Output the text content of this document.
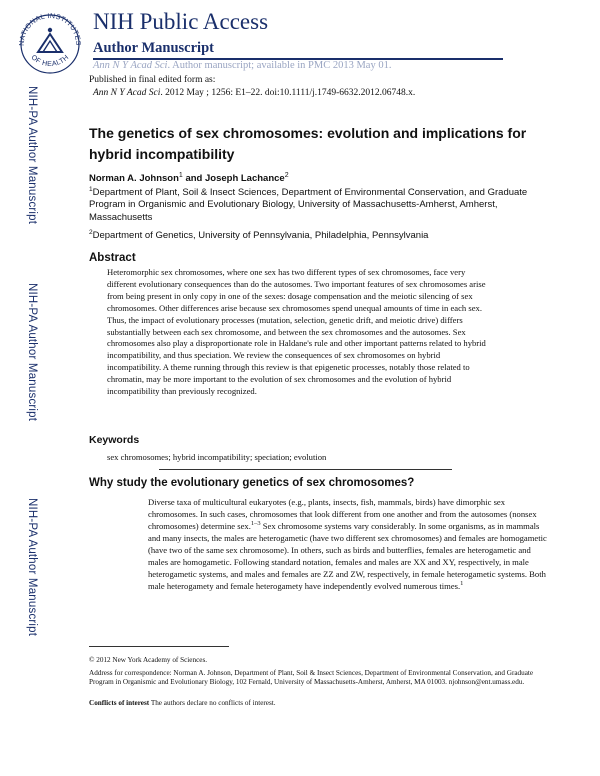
NATIONAL INSTITUTES
OF HEALTH
NIH Public Access
Author Manuscript
Ann N Y Acad Sci. Author manuscript; available in PMC 2013 May 01.
Published in final edited form as:
Ann N Y Acad Sci. 2012 May ; 1256: E1–22. doi:10.1111/j.1749-6632.2012.06748.x.
NIH-PA Author Manuscript
NIH-PA Author Manuscript
NIH-PA Author Manuscript
The genetics of sex chromosomes: evolution and implications for hybrid incompatibility
Norman A. Johnson$^1$ and Joseph Lachance$^2$
$^1$Department of Plant, Soil & Insect Sciences, Department of Environmental Conservation, and Graduate Program in Organismic and Evolutionary Biology, University of Massachusetts-Amherst, Amherst, Massachusetts
$^2$Department of Genetics, University of Pennsylvania, Philadelphia, Pennsylvania
Abstract
Heteromorphic sex chromosomes, where one sex has two different types of sex chromosomes, face very different evolutionary consequences than do the autosomes. Two important features of sex chromosomes arise from being present in only copy in one of the sexes: dosage compensation and the meiotic silencing of sex chromosomes. Other differences arise because sex chromosomes spend unequal amounts of time in each sex. Thus, the impact of evolutionary processes (mutation, selection, genetic drift, and meiotic drive) differs substantially between each sex chromosome, and between the sex chromosomes and the autosomes. Sex chromosomes also play a disproportionate role in Haldane's rule and other important patterns related to hybrid incompatibility, and thus speciation. We review the consequences of sex chromosomes on hybrid incompatibility. A theme running through this review is that epigenetic processes, notably those related to chromatin, may be more important to the evolution of sex chromosomes and the evolution of hybrid incompatibility than previously recognized.
Keywords
sex chromosomes; hybrid incompatibility; speciation; evolution
Why study the evolutionary genetics of sex chromosomes?
Diverse taxa of multicultural eukaryotes (e.g., plants, insects, fish, mammals, birds) have dimorphic sex chromosomes. In such cases, chromosomes that look different from one another and from the autosomes (nonsex chromosomes) determine sex.$^{1-3}$ Sex chromosome systems vary considerably. In some organisms, as in mammals and many insects, the males are heterogametic (have two different sex chromosomes) and females are homogametic (have two of the same sex chromosome). In others, such as birds and butterflies, females are heterogametic and males are homogametic. Following standard notation, females and males are XX and XY, respectively, in male heterogametic systems, and males and females are ZZ and ZW, respectively, in female heterogametic systems. Both male heterogamety and female heterogamety have independently evolved numerous times.$^1$
© 2012 New York Academy of Sciences.
Address for correspondence: Norman A. Johnson, Department of Plant, Soil & Insect Sciences, Department of Environmental Conservation, and Graduate Program in Organismic and Evolutionary Biology, 102 Fernald, University of Massachusetts-Amherst, Amherst, MA 01003. njohnson@ent.umass.edu.
Conflicts of interest The authors declare no conflicts of interest.
